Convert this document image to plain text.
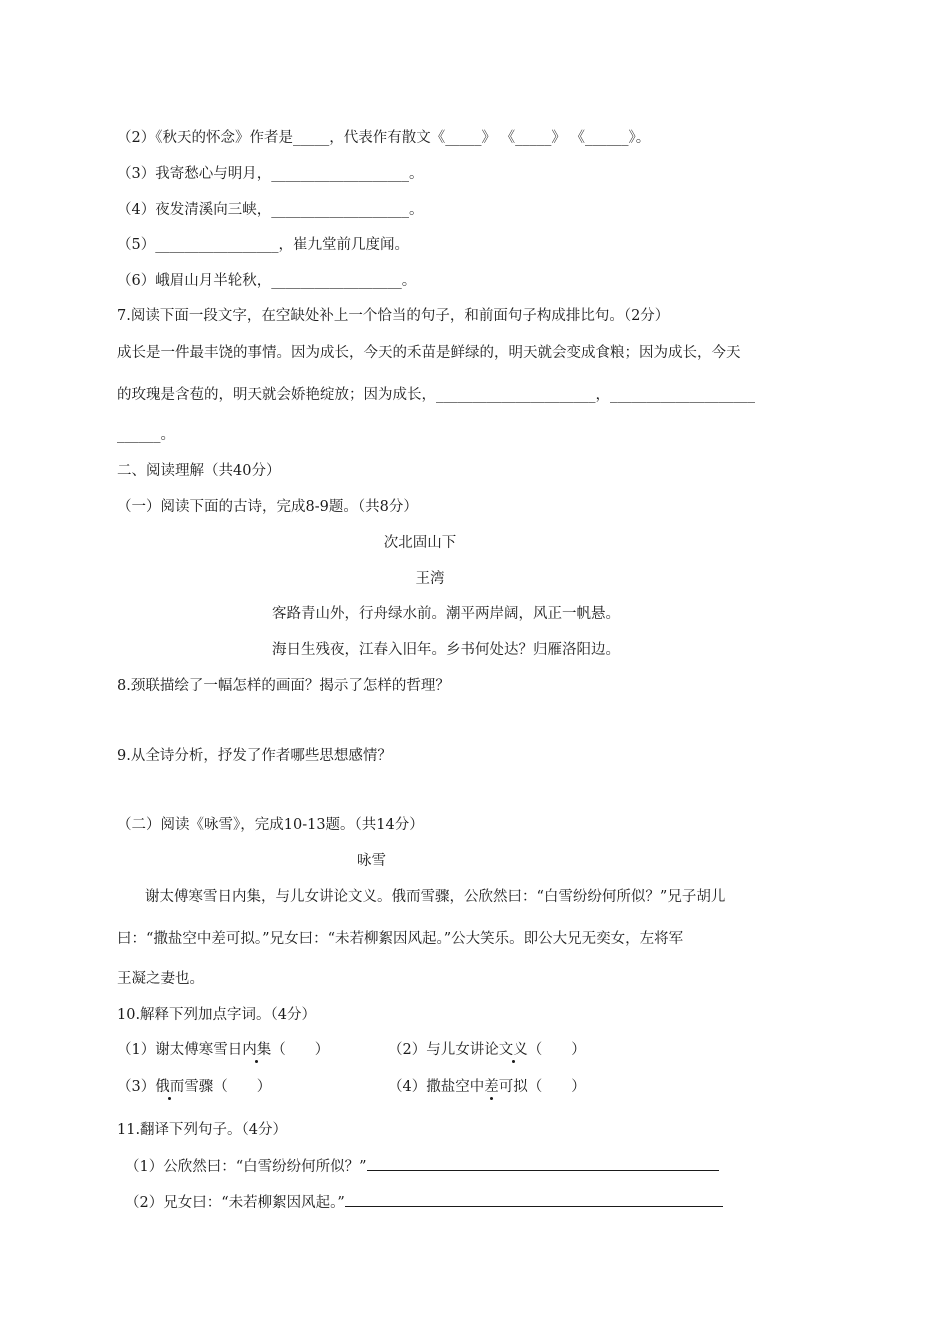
（2）《秋天的怀念》作者是_____，代表作有散文《_____》 《_____》 《______》。
（3）我寄愁心与明月，___________________。
（4）夜发清溪向三峡，___________________。
（5）_________________，崔九堂前几度闻。
（6）峨眉山月半轮秋，__________________。
7.阅读下面一段文字，在空缺处补上一个恰当的句子，和前面句子构成排比句。（2分）
成长是一件最丰饶的事情。因为成长，今天的禾苗是鲜绿的，明天就会变成食粮；因为成长，今天
的玫瑰是含苞的，明天就会娇艳绽放；因为成长，______________________，____________________
______。
二、阅读理解（共40分）
（一）阅读下面的古诗，完成8-9题。（共8分）
次北固山下
王湾
客路青山外，行舟绿水前。潮平两岸阔，风正一帆悬。
海日生残夜，江春入旧年。乡书何处达？归雁洛阳边。
8.颈联描绘了一幅怎样的画面？揭示了怎样的哲理？
9.从全诗分析，抒发了作者哪些思想感情？
（二）阅读《咏雪》，完成10-13题。（共14分）
咏雪
谢太傅寒雪日内集，与儿女讲论文义。俄而雪骤，公欣然曰：“白雪纷纷何所似？”兄子胡儿
曰：“撒盐空中差可拟。”兄女曰：“未若柳絮因风起。”公大笑乐。即公大兄无奕女，左将军
王凝之妻也。
10.解释下列加点字词。（4分）
（1）谢太傅寒雪日内集（　　）	（2）与儿女讲论文义（　　）
（3）俄而雪骤（　　）	（4）撒盐空中差可拟（　　）
11.翻译下列句子。（4分）
（1）公欣然曰：“白雪纷纷何所似？”
（2）兄女曰：“未若柳絮因风起。”
